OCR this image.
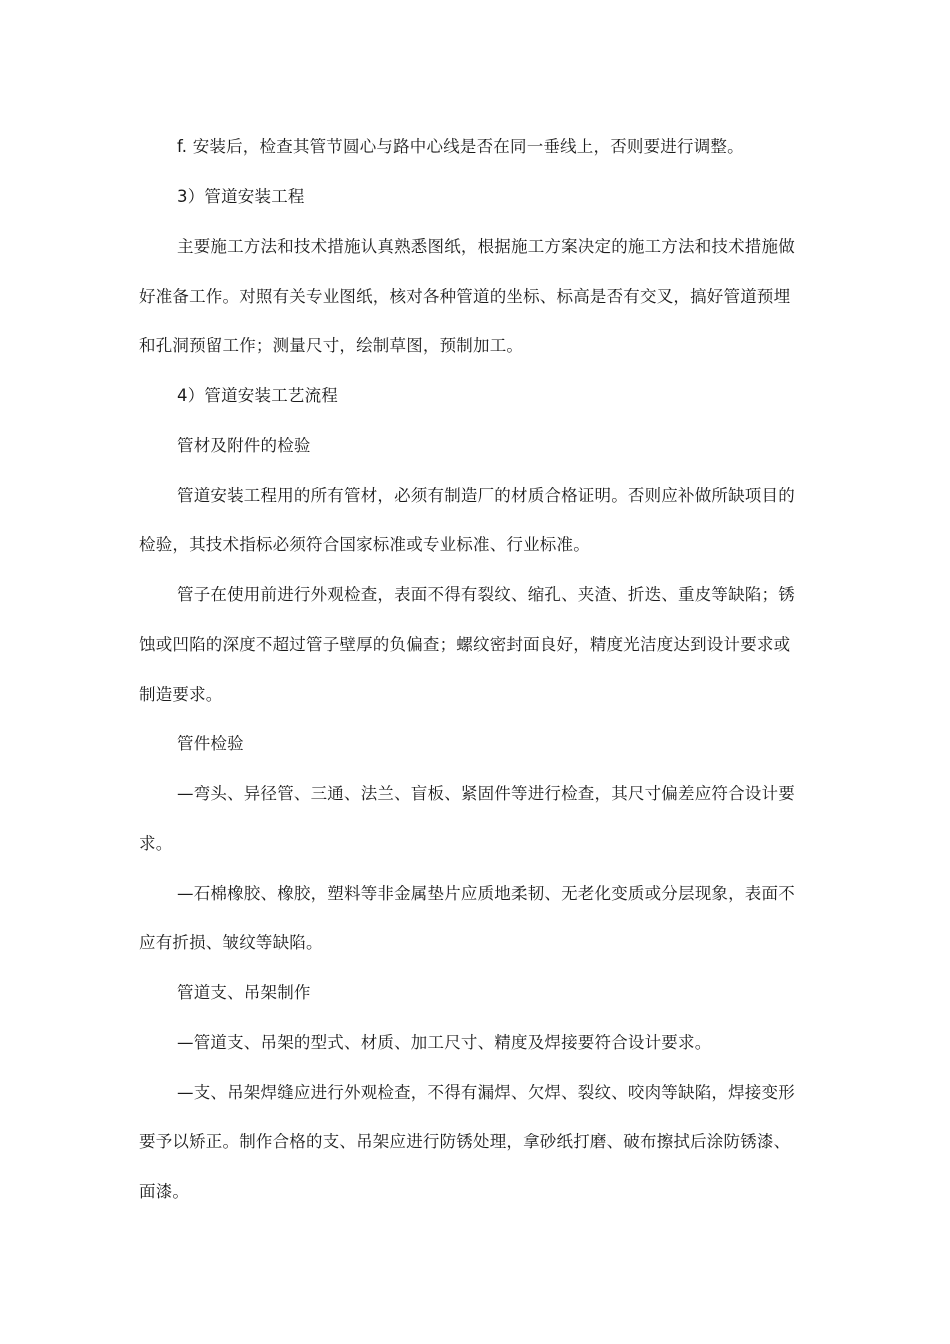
f. 安装后，检查其管节圆心与路中心线是否在同一垂线上，否则要进行调整。
3）管道安装工程
主要施工方法和技术措施认真熟悉图纸，根据施工方案决定的施工方法和技术措施做
好准备工作。对照有关专业图纸，核对各种管道的坐标、标高是否有交叉，搞好管道预埋
和孔洞预留工作；测量尺寸，绘制草图，预制加工。
4）管道安装工艺流程
管材及附件的检验
管道安装工程用的所有管材，必须有制造厂的材质合格证明。否则应补做所缺项目的
检验，其技术指标必须符合国家标准或专业标准、行业标准。
管子在使用前进行外观检查，表面不得有裂纹、缩孔、夹渣、折迭、重皮等缺陷；锈
蚀或凹陷的深度不超过管子壁厚的负偏查；螺纹密封面良好，精度光洁度达到设计要求或
制造要求。
管件检验
—弯头、异径管、三通、法兰、盲板、紧固件等进行检查，其尺寸偏差应符合设计要
求。
—石棉橡胶、橡胶，塑料等非金属垫片应质地柔韧、无老化变质或分层现象，表面不
应有折损、皱纹等缺陷。
管道支、吊架制作
—管道支、吊架的型式、材质、加工尺寸、精度及焊接要符合设计要求。
—支、吊架焊缝应进行外观检查，不得有漏焊、欠焊、裂纹、咬肉等缺陷，焊接变形
要予以矫正。制作合格的支、吊架应进行防锈处理，拿砂纸打磨、破布擦拭后涂防锈漆、
面漆。
